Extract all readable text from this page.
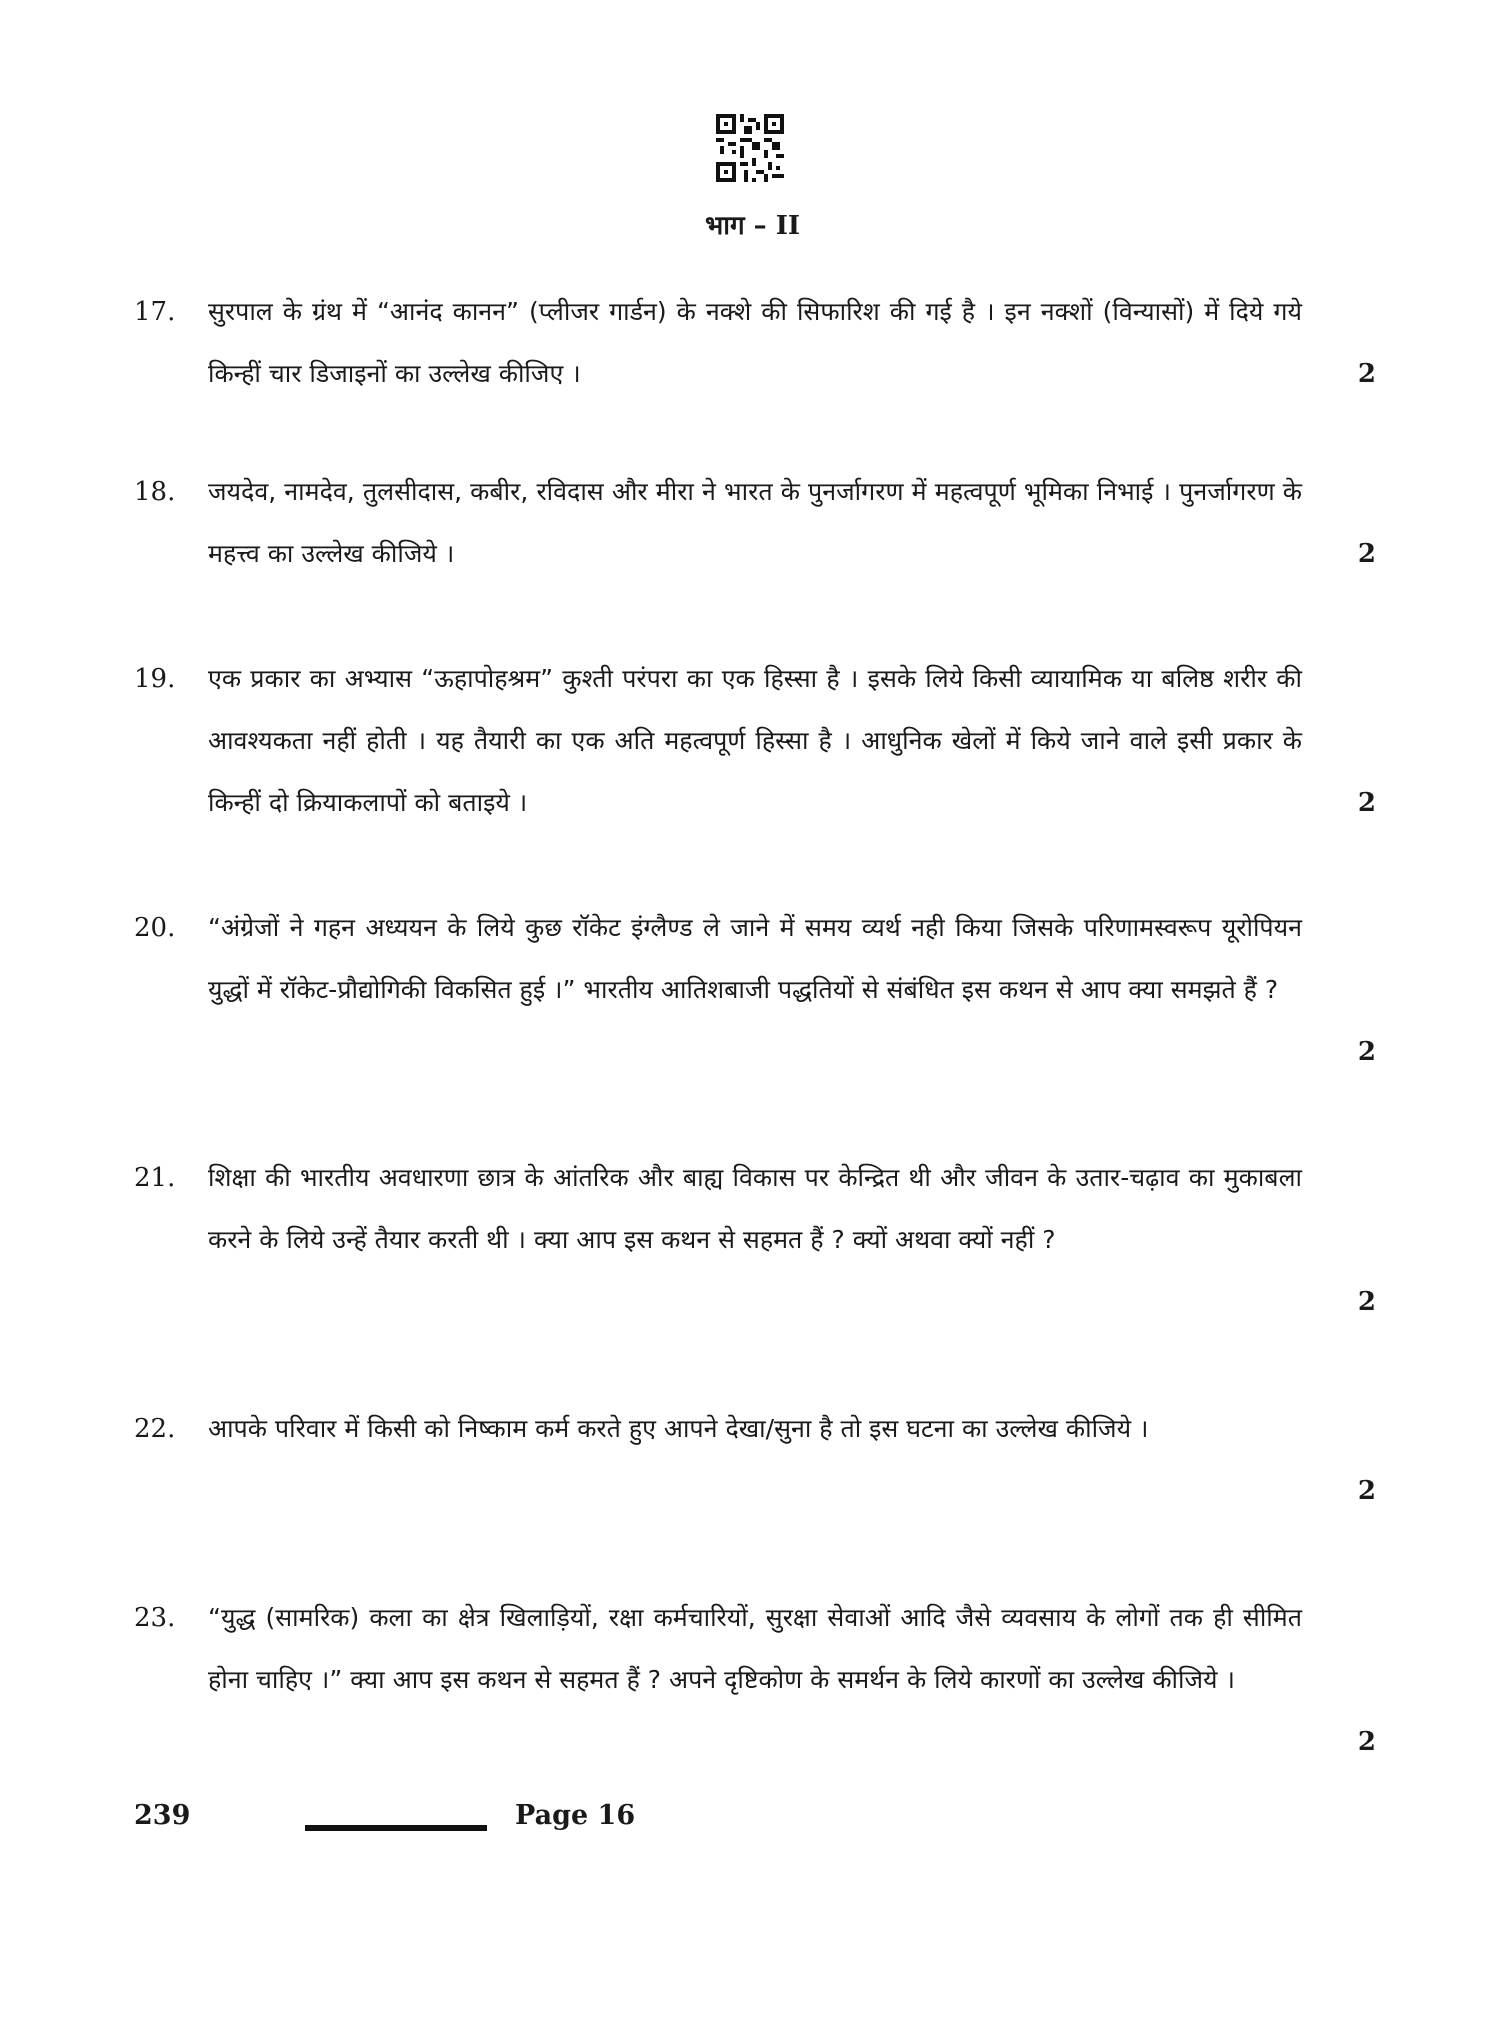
भाग – II
17. सुरपाल के ग्रंथ में “आनंद कानन” (प्लीजर गार्डन) के नक्शे की सिफारिश की गई है । इन नक्शों (विन्यासों) में दिये गये किन्हीं चार डिजाइनों का उल्लेख कीजिए ।	2
18. जयदेव, नामदेव, तुलसीदास, कबीर, रविदास और मीरा ने भारत के पुनर्जागरण में महत्वपूर्ण भूमिका निभाई । पुनर्जागरण के महत्त्व का उल्लेख कीजिये ।	2
19. एक प्रकार का अभ्यास “ऊहापोहश्रम” कुश्ती परंपरा का एक हिस्सा है । इसके लिये किसी व्यायामिक या बलिष्ठ शरीर की आवश्यकता नहीं होती । यह तैयारी का एक अति महत्वपूर्ण हिस्सा है । आधुनिक खेलों में किये जाने वाले इसी प्रकार के किन्हीं दो क्रियाकलापों को बताइये ।	2
20. “अंग्रेजों ने गहन अध्ययन के लिये कुछ रॉकेट इंग्लैण्ड ले जाने में समय व्यर्थ नही किया जिसके परिणामस्वरूप यूरोपियन युद्धों में रॉकेट-प्रौद्योगिकी विकसित हुई ।” भारतीय आतिशबाजी पद्धतियों से संबंधित इस कथन से आप क्या समझते हैं ?
2
21. शिक्षा की भारतीय अवधारणा छात्र के आंतरिक और बाह्य विकास पर केन्द्रित थी और जीवन के उतार-चढ़ाव का मुकाबला करने के लिये उन्हें तैयार करती थी । क्या आप इस कथन से सहमत हैं ? क्यों अथवा क्यों नहीं ?
2
22. आपके परिवार में किसी को निष्काम कर्म करते हुए आपने देखा/सुना है तो इस घटना का उल्लेख कीजिये ।
2
23. “युद्ध (सामरिक) कला का क्षेत्र खिलाड़ियों, रक्षा कर्मचारियों, सुरक्षा सेवाओं आदि जैसे व्यवसाय के लोगों तक ही सीमित होना चाहिए ।” क्या आप इस कथन से सहमत हैं ? अपने दृष्टिकोण के समर्थन के लिये कारणों का उल्लेख कीजिये ।
2
239	Page 16
